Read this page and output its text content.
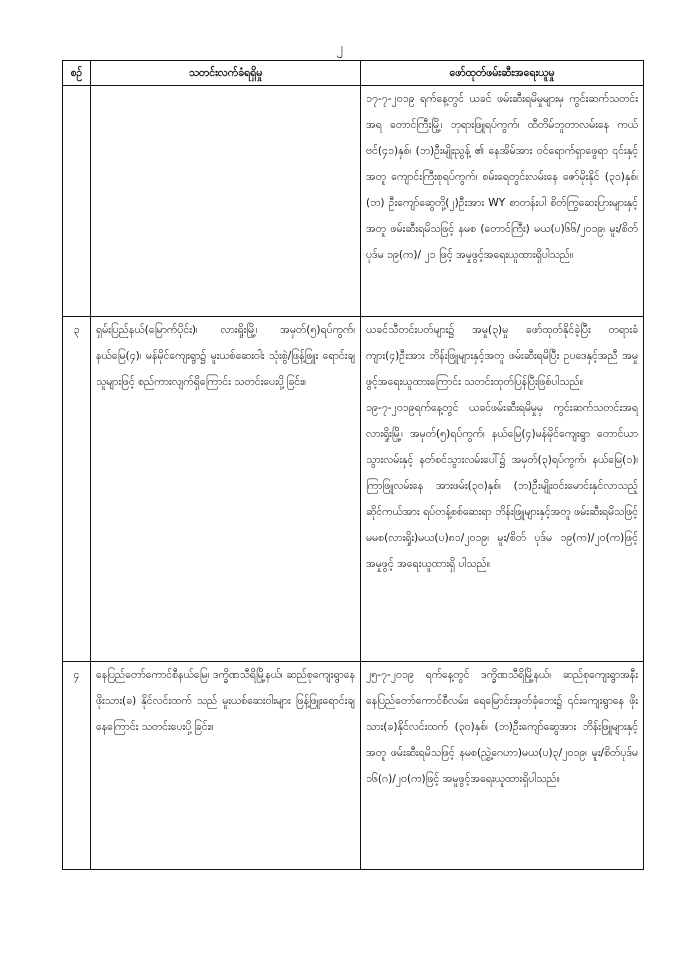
၂
စဉ်	သတင်းလက်ခံရရှိမှု	ဖော်ထုတ်ဖမ်းဆီးအရေးယူမှု

		၁၇-၇-၂၀၁၉ ရက်နေ့တွင် ယခင် ဖမ်းဆီးရမိမှုများမှ ကွင်းဆက်သတင်းအရ တောင်ကြီးမြို့၊ ဘုရားဖြူရပ်ကွက်၊ ထီတိမ်ဘူတာလမ်းနေ ကယ်ဗင်(၄၁)နှစ်၊ (ဘ)ဦးမျိုးညွန့် ၏ နေအိမ်အား ဝင်ရောက်ရှာဖွေရာ ၎င်းနှင့်အတူ ကျောင်းကြီးစုရပ်ကွက်၊ စမ်းရေတွင်းလမ်းနေ ဇော်မိုးနိုင် (၃၁)နှစ်၊ (ဘ) ဦးကျော်ဆွေတို့(၂)ဦးအား WY စာတန်းပါ စိတ်ကြွဆေးပြားများနှင့်အတူ ဖမ်းဆီးရမိသဖြင့် နမစ (တောင်ကြီး) မယ(ပ)၆၆/၂၀၁၉၊ မူး/စိတ်ပုဒ်မ ၁၉(က)/ ၂၁ ဖြင့် အမှုဖွင့်အရေးယူထားရှိပါသည်။

၃	ရှမ်းပြည်နယ်(မြောက်ပိုင်း)၊ လားရှိုးမြို့၊ အမှတ်(၅)ရပ်ကွက်၊ နယ်မြေ(၄)၊ မန်မိုင်ကျေးရွာ၌ မူးယစ်ဆေးဝါး သုံးစွဲ/ဖြန့်ဖြူး ရောင်းချသူများဖြင့် စည်ကားလျက်ရှိကြောင်း သတင်းပေးပို့ခြင်း။	ယခင်သီတင်းပတ်များ၌ အမှု(၃)မှု ဖော်ထုတ်နိုင်ခဲ့ပြီး တရားခံ ကျား(၄)ဦးအား ဘိန်းဖြူများနှင့်အတူ ဖမ်းဆီးရမိပြီး ဥပဒေနှင့်အညီ အမှုဖွင့်အရေးယူထားကြောင်း သတင်းထုတ်ပြန်ပြီးဖြစ်ပါသည်။
၁၉-၇-၂၀၁၉ရက်နေ့တွင် ယခင်ဖမ်းဆီးရမိမှုမှ ကွင်းဆက်သတင်းအရ လားရှိုးမြို့၊ အမှတ်(၅)ရပ်ကွက်၊ နယ်မြေ(၄)မန်မိုင်ကျေးရွာ တောင်ယာသွားလမ်းနှင့် နတ်စင်သွားလမ်းပေါ်၌ အမှတ်(၃)ရပ်ကွက်၊ နယ်မြေ(၁)၊ ကြာဖြူလမ်းနေ အားဖမ်း(၃၀)နှစ်၊ (ဘ)ဦးမျိုးဝင်းမောင်းနှင်လာသည့် ဆိုင်ကယ်အား ရပ်တန့်စစ်ဆေးရာ ဘိန်းဖြူများနှင့်အတူ ဖမ်းဆီးရမိသဖြင့် မမစ(လားရှိုး)မယ(ပ)၈၁/၂၀၁၉၊ မူး/စိတ် ပုဒ်မ ၁၉(က)/၂၀(က)ဖြင့် အမှုဖွင့် အရေးယူထားရှိ ပါသည်။

၄	နေပြည်တော်ကောင်စီနယ်မြေ၊ ဒက္ခိဏသီရိမြို့နယ်၊ ဆည်စုကျေးရွာနေ ဖိုးသား(ခ) နိုင်လင်းထက် သည် မူးယစ်ဆေးဝါးများ ဖြန့်ဖြူးရောင်းချနေကြောင်း သတင်းပေးပို့ခြင်း။	၂၅-၇-၂၀၁၉ ရက်နေ့တွင် ဒက္ခိဏသီရိမြို့နယ်၊ ဆည်စုကျေးရွာအနီး နေပြည်တော်ကောင်စီလမ်း၊ ရေမြောင်းအုတ်ခုံဘေး၌ ၎င်းကျေးရွာနေ ဖိုးသား(ခ)နိုင်လင်းထက် (၃၀)နှစ်၊ (ဘ)ဦးကျော်ဆွေအား ဘိန်းဖြူများနှင့်အတူ ဖမ်းဆီးရမိသဖြင့် နမစ(ညွှဲ့ဂေဟာ)မယ(ပ)၃/၂၀၁၉၊ မူး/စိတ်ပုဒ်မ ၁၆(ဂ)/၂၀(က)ဖြင့် အမှုဖွင့်အရေးယူထားရှိပါသည်။
